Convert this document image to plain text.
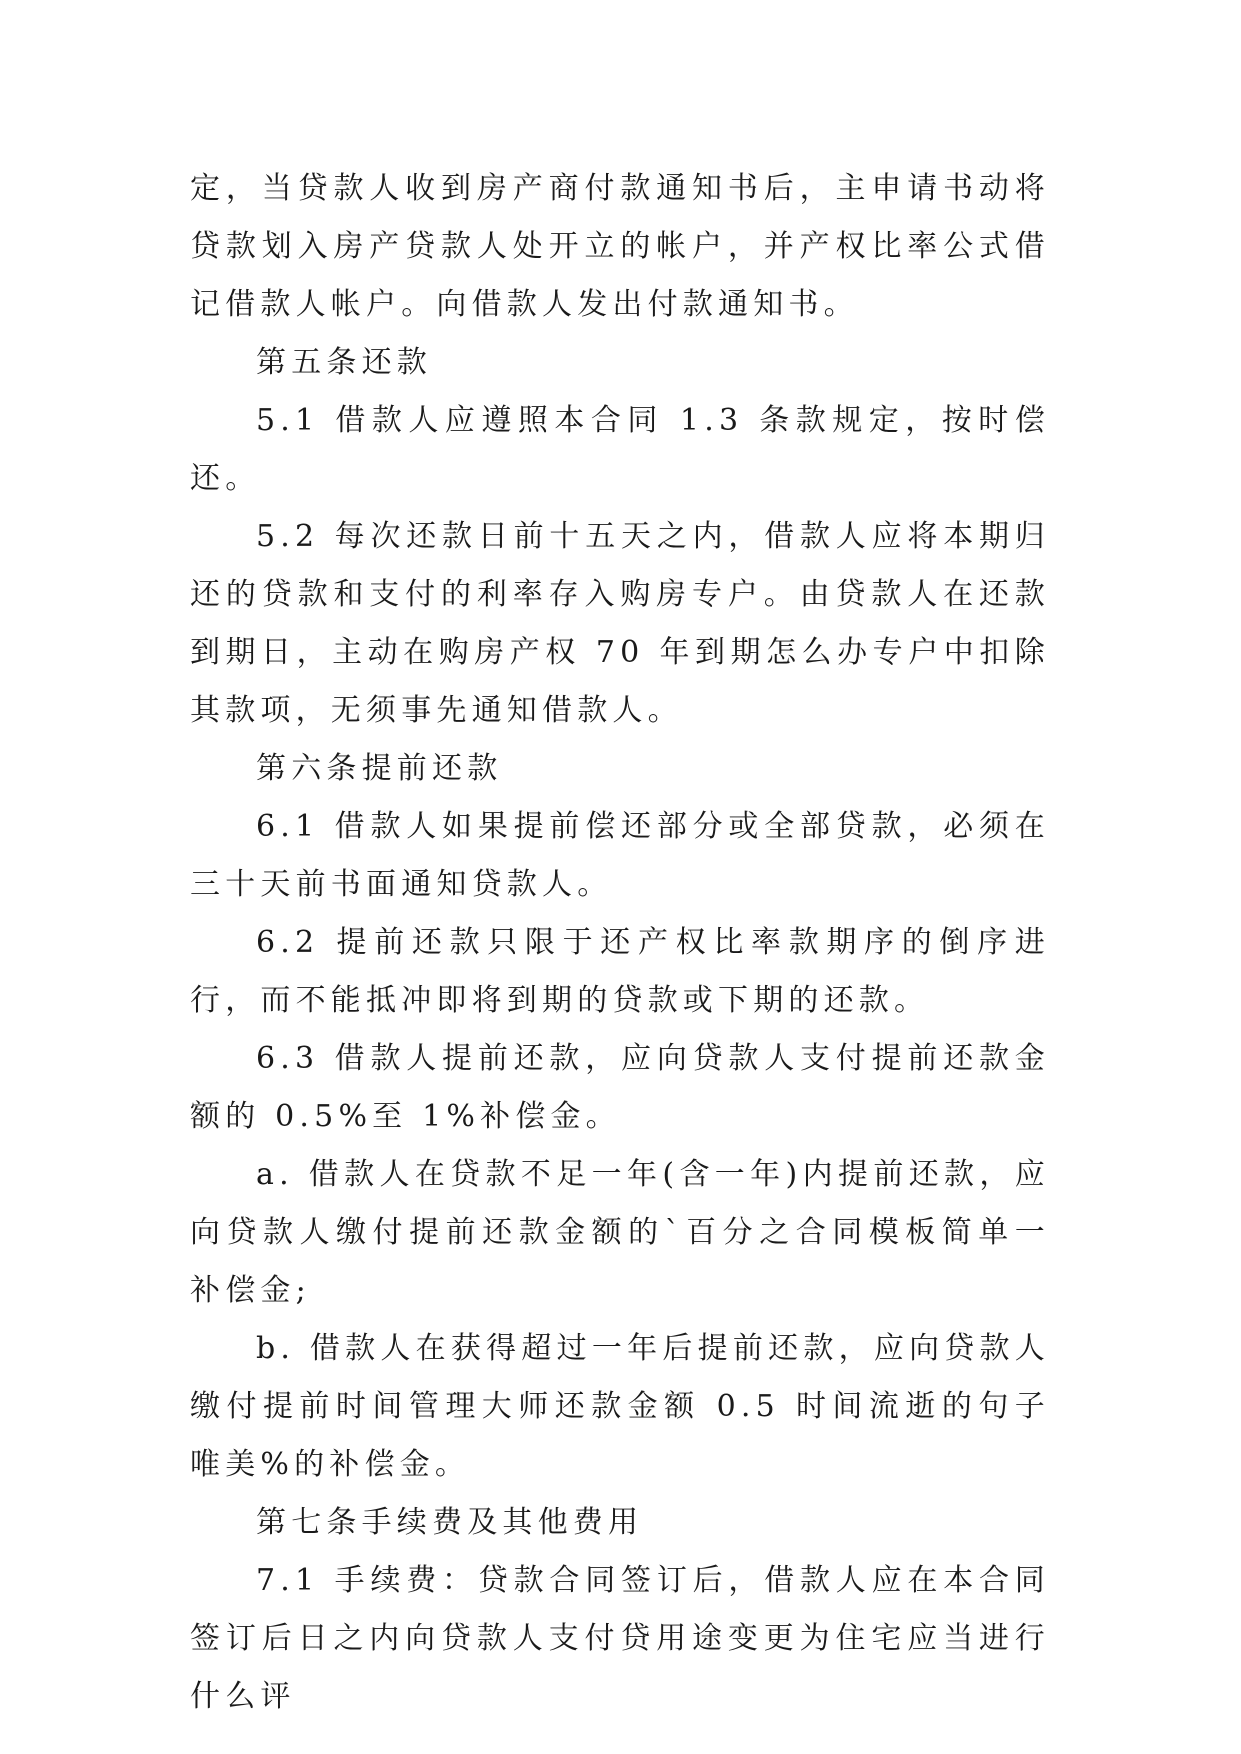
定，当贷款人收到房产商付款通知书后，主申请书动将贷款划入房产贷款人处开立的帐户，并产权比率公式借记借款人帐户。向借款人发出付款通知书。

第五条还款

5.1 借款人应遵照本合同 1.3 条款规定，按时偿还。

5.2 每次还款日前十五天之内，借款人应将本期归还的贷款和支付的利率存入购房专户。由贷款人在还款到期日，主动在购房产权 70 年到期怎么办专户中扣除其款项，无须事先通知借款人。

第六条提前还款

6.1 借款人如果提前偿还部分或全部贷款，必须在三十天前书面通知贷款人。

6.2 提前还款只限于还产权比率款期序的倒序进行，而不能抵冲即将到期的贷款或下期的还款。

6.3 借款人提前还款，应向贷款人支付提前还款金额的 0.5%至 1%补偿金。

a. 借款人在贷款不足一年(含一年)内提前还款，应向贷款人缴付提前还款金额的`百分之合同模板简单一补偿金;

b. 借款人在获得超过一年后提前还款，应向贷款人缴付提前时间管理大师还款金额 0.5 时间流逝的句子唯美%的补偿金。

第七条手续费及其他费用

7.1 手续费：贷款合同签订后，借款人应在本合同签订后日之内向贷款人支付贷用途变更为住宅应当进行什么评
